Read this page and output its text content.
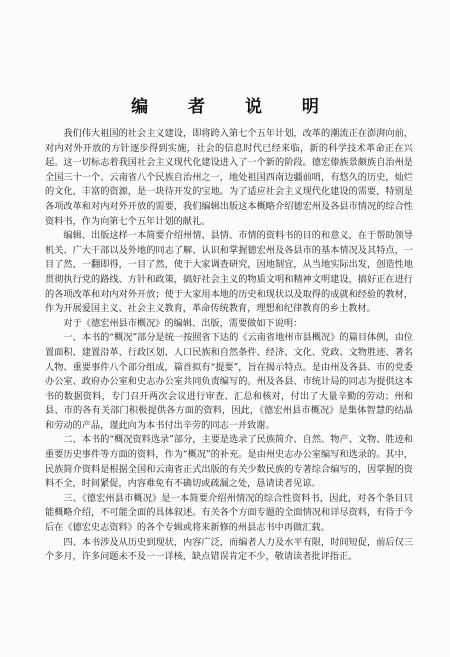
编 者 说 明

我们伟大祖国的社会主义建设，即将跨入第七个五年计划，改革的潮流正在澎湃向前，对内对外开放的方针逐步得到实施，社会的信息时代已经来临，新的科学技术革命正在兴起。这一切标志着我国社会主义现代化建设进入了一个新的阶段。德宏傣族景颇族自治州是全国三十一个、云南省八个民族自治州之一，地处祖国西南边疆前哨，有悠久的历史，灿烂的文化，丰富的资源，是一块待开发的宝地。为了适应社会主义现代化建设的需要，特别是各项改革和对内对外开放的需要，我们编辑出版这本概略介绍德宏州及各县市情况的综合性资料书，作为向第七个五年计划的献礼。

编辑、出版这样一本简要介绍州情、县情、市情的资料书的目的和意义，在于帮助领导机关、广大干部以及外地的同志了解、认识和掌握德宏州及各县市的基本情况及其特点，一目了然，一翻即得，一目了然，使于大家调查研究，因地制宜，从当地实际出发，创造性地贯彻执行党的路线、方针和政策，搞好社会主义的物质文明和精神文明建设，搞好正在进行的各项改革和对内对外开放；使于大家用本地的历史和现状以及取得的成就和经验的教材，作为开展爱国主义、社会主义教育，革命传统教育，理想和纪律教育的乡土教材。

对于《德宏州县市概况》的编辑、出版，需要做如下说明：

一、本书的“概况”部分是统一按照省下达的《云南省地州市县概况》的篇目体例，由位置面积、建置沿革、行政区划、人口民族和自然条件、经济、文化、党政、文物胜迹、著名人物、重要事件八个部分组成，篇首拟有“提要”，旨在揭示特点。是由州及各县、市的党委办公室、政府办公室和史志办公室共同负责编写的。州及各县、市统计局的同志为提供这本书的数据资料，专门召开两次会议进行审查、汇总和核对，付出了大量辛勤的劳动；州和县、市的各有关部门积极提供各方面的资料，因此，《德宏州县市概况》是集体智慧的结晶和劳动的产品，谨此向为本书付出辛劳的同志一并致谢。

二、本书的“概况资料选录”部分，主要是选录了民族简介、自然、物产、文物、胜迹和重要历史事件等方面的资料，作为“概况”的补充。是由州史志办公室编写和选录的。其中，民族简介资料是根据全国和云南省正式出版的有关少数民族的专著综合编写的，因掌握的资料不全，时间紧促，内容难免有不确切或疏漏之处，恳请读者见谅。

三、《德宏州县市概况》是一本简要介绍州情况的综合性资料书，因此，对各个条目只能概略介绍，不可能全面的具体叙述。有关各个方面专题的全面情况和详尽资料，有待于今后在《德宏史志资料》的各个专辑或将来新修的州县志书中再做汇载。

四、本书涉及从历史到现状，内容广泛，而编者人力及水平有限，时间短促，前后仅三个多月，许多问题未不及一一详核，缺点错误肯定不少，敬请读者批评指正。
